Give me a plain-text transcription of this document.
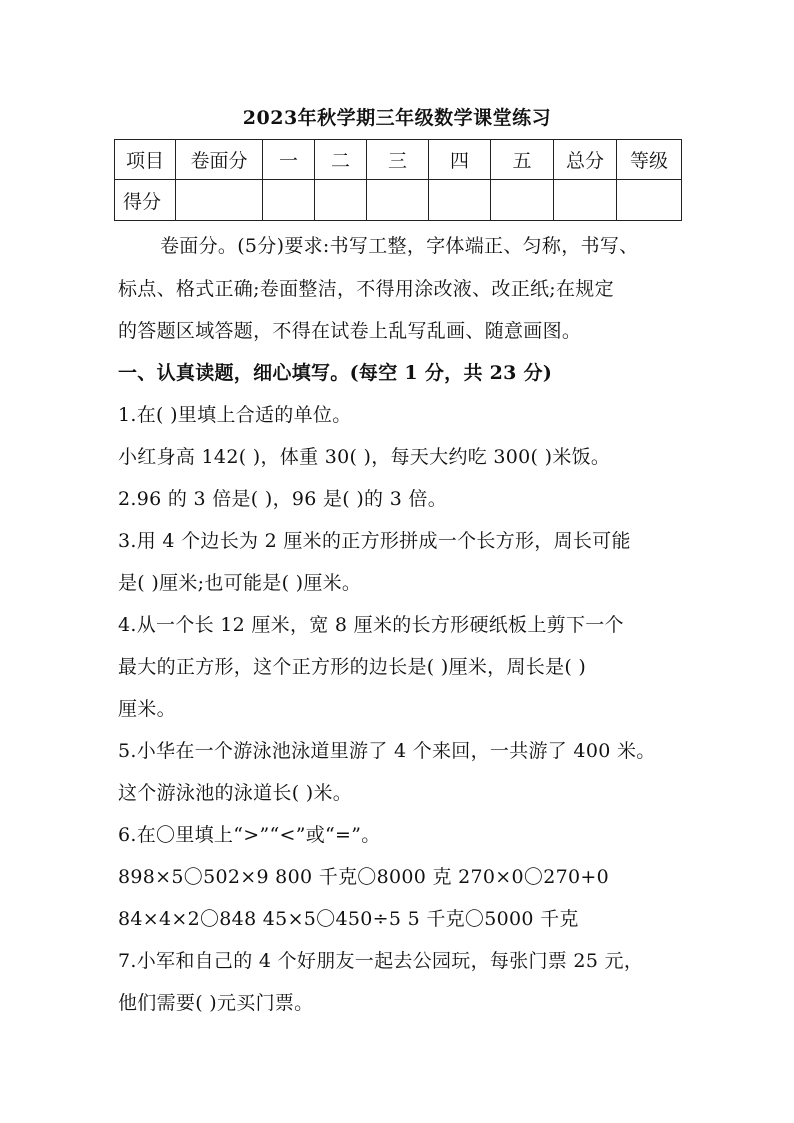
2023年秋学期三年级数学课堂练习
项目	卷面分	一	二	三	四	五	总分	等级
得分								
卷面分。(5分)要求:书写工整，字体端正、匀称，书写、
标点、格式正确;卷面整洁，不得用涂改液、改正纸;在规定
的答题区域答题，不得在试卷上乱写乱画、随意画图。
一、认真读题，细心填写。(每空 1 分，共 23 分)
1.在( )里填上合适的单位。
小红身高 142( )，体重 30( )，每天大约吃 300( )米饭。
2.96 的 3 倍是( )，96 是( )的 3 倍。
3.用 4 个边长为 2 厘米的正方形拼成一个长方形，周长可能
是( )厘米;也可能是( )厘米。
4.从一个长 12 厘米，宽 8 厘米的长方形硬纸板上剪下一个
最大的正方形，这个正方形的边长是( )厘米，周长是( )
厘米。
5.小华在一个游泳池泳道里游了 4 个来回，一共游了 400 米。
这个游泳池的泳道长( )米。
6.在〇里填上“>”“<”或“=”。
898×5〇502×9 800 千克〇8000 克 270×0〇270+0
84×4×2〇848 45×5〇450÷5 5 千克〇5000 千克
7.小军和自己的 4 个好朋友一起去公园玩，每张门票 25 元，
他们需要( )元买门票。
